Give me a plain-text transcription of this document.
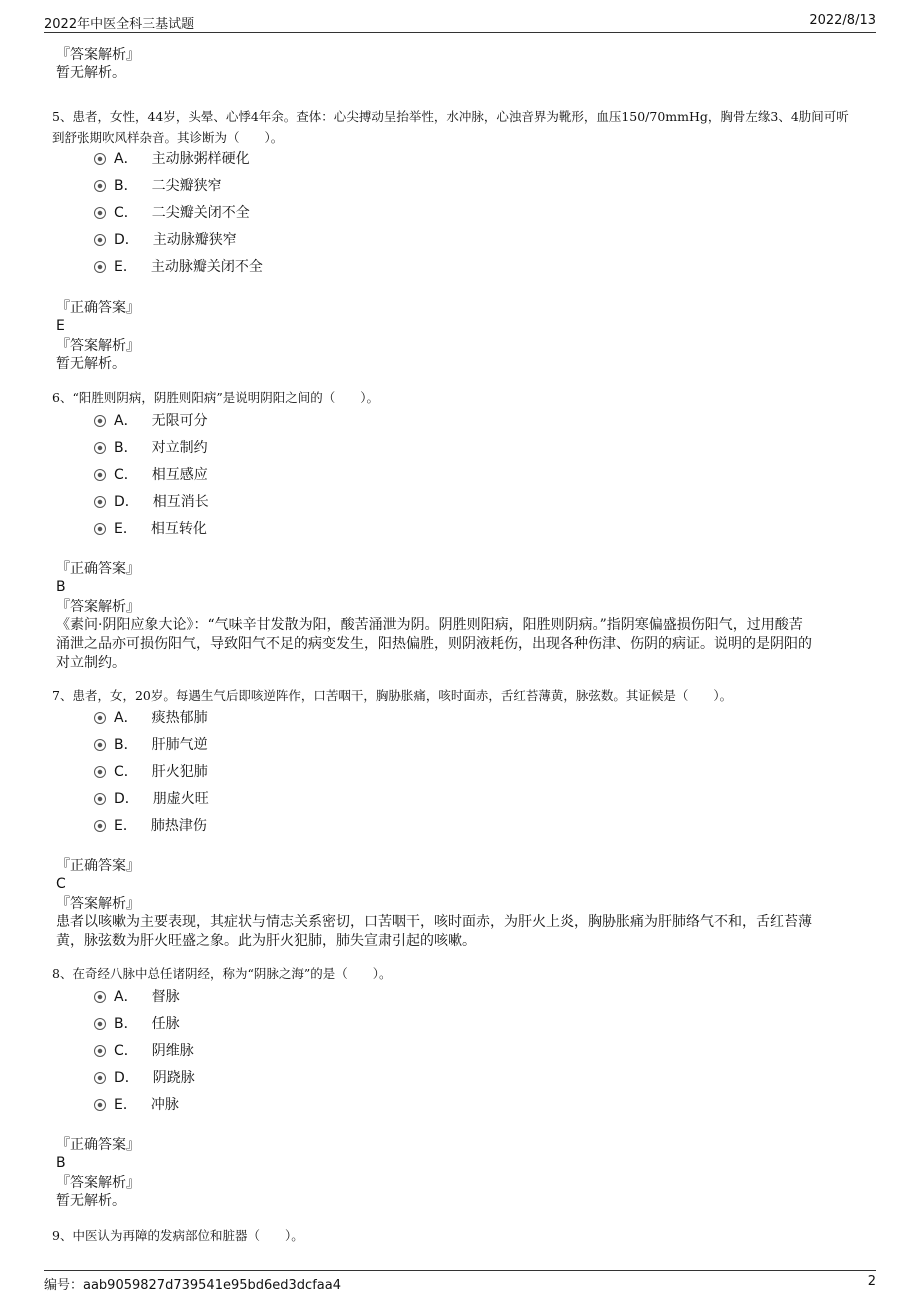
2022年中医全科三基试题	2022/8/13
『答案解析』
暂无解析。
5、患者，女性，44岁，头晕、心悸4年余。查体：心尖搏动呈抬举性，水冲脉，心浊音界为靴形，血压150/70mmHg，胸骨左缘3、4肋间可听
到舒张期吹风样杂音。其诊断为（　　）。
A． 主动脉粥样硬化
B． 二尖瓣狭窄
C． 二尖瓣关闭不全
D． 主动脉瓣狭窄
E． 主动脉瓣关闭不全
『正确答案』
E
『答案解析』
暂无解析。
6、“阳胜则阴病，阴胜则阳病”是说明阴阳之间的（　　）。
A． 无限可分
B． 对立制约
C． 相互感应
D． 相互消长
E． 相互转化
『正确答案』
B
『答案解析』
《素问·阴阳应象大论》：“气味辛甘发散为阳，酸苦涌泄为阴。阴胜则阳病，阳胜则阴病。”指阴寒偏盛损伤阳气，过用酸苦
涌泄之品亦可损伤阳气，导致阳气不足的病变发生，阳热偏胜，则阴液耗伤，出现各种伤津、伤阴的病证。说明的是阴阳的
对立制约。
7、患者，女，20岁。每遇生气后即咳逆阵作，口苦咽干，胸胁胀痛，咳时面赤，舌红苔薄黄，脉弦数。其证候是（　　）。
A． 痰热郁肺
B． 肝肺气逆
C． 肝火犯肺
D． 朋虚火旺
E． 肺热津伤
『正确答案』
C
『答案解析』
患者以咳嗽为主要表现，其症状与情志关系密切，口苦咽干，咳时面赤，为肝火上炎，胸胁胀痛为肝肺络气不和，舌红苔薄
黄，脉弦数为肝火旺盛之象。此为肝火犯肺，肺失宣肃引起的咳嗽。
8、在奇经八脉中总任诸阴经，称为“阴脉之海”的是（　　）。
A． 督脉
B． 任脉
C． 阴维脉
D． 阴跷脉
E． 冲脉
『正确答案』
B
『答案解析』
暂无解析。
9、中医认为再障的发病部位和脏器（　　）。
编号：aab9059827d739541e95bd6ed3dcfaa4	2
